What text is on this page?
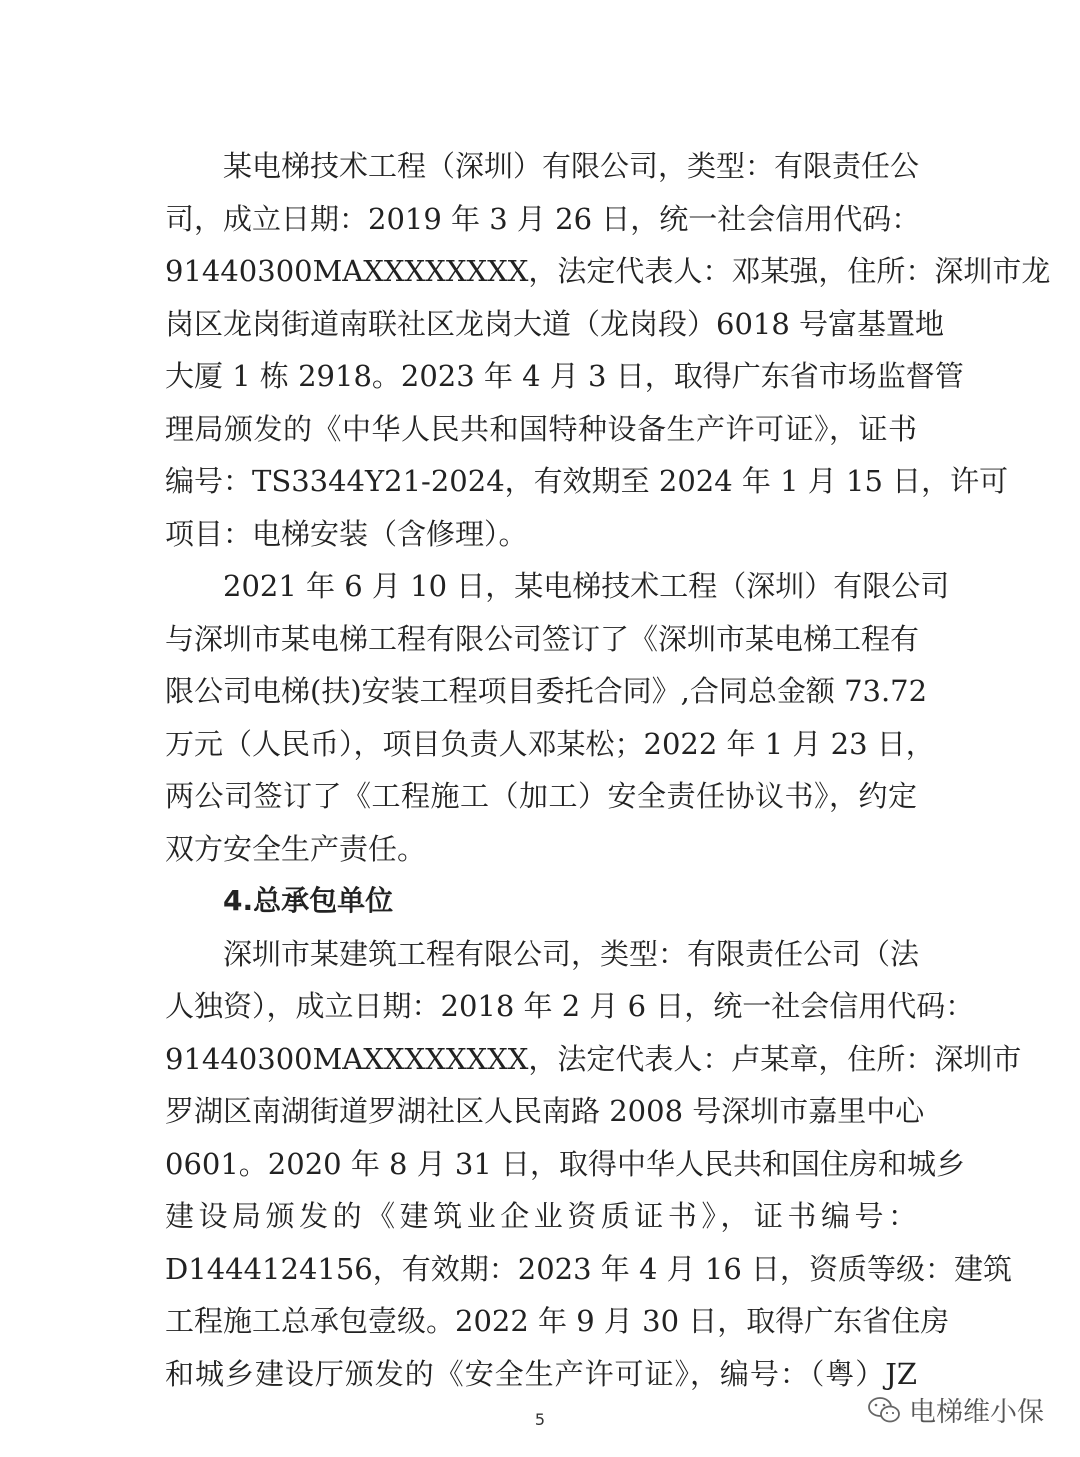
某电梯技术工程（深圳）有限公司，类型：有限责任公
司，成立日期：2019 年 3 月 26 日，统一社会信用代码：
91440300MAXXXXXXXX，法定代表人：邓某强，住所：深圳市龙
岗区龙岗街道南联社区龙岗大道（龙岗段）6018 号富基置地
大厦 1 栋 2918。2023 年 4 月 3 日，取得广东省市场监督管
理局颁发的《中华人民共和国特种设备生产许可证》，证书
编号：TS3344Y21-2024，有效期至 2024 年 1 月 15 日，许可
项目：电梯安装（含修理）。
2021 年 6 月 10 日，某电梯技术工程（深圳）有限公司
与深圳市某电梯工程有限公司签订了《深圳市某电梯工程有
限公司电梯(扶)安装工程项目委托合同》,合同总金额 73.72
万元（人民币），项目负责人邓某松；2022 年 1 月 23 日，
两公司签订了《工程施工（加工）安全责任协议书》，约定
双方安全生产责任。
4.总承包单位
深圳市某建筑工程有限公司，类型：有限责任公司（法
人独资），成立日期：2018 年 2 月 6 日，统一社会信用代码：
91440300MAXXXXXXXX，法定代表人：卢某章，住所：深圳市
罗湖区南湖街道罗湖社区人民南路 2008 号深圳市嘉里中心
0601。2020 年 8 月 31 日，取得中华人民共和国住房和城乡
建设局颁发的《建筑业企业资质证书》，证书编号：
D1444124156，有效期：2023 年 4 月 16 日，资质等级：建筑
工程施工总承包壹级。2022 年 9 月 30 日，取得广东省住房
和城乡建设厅颁发的《安全生产许可证》，编号：（粤）JZ
5	电梯维小保
